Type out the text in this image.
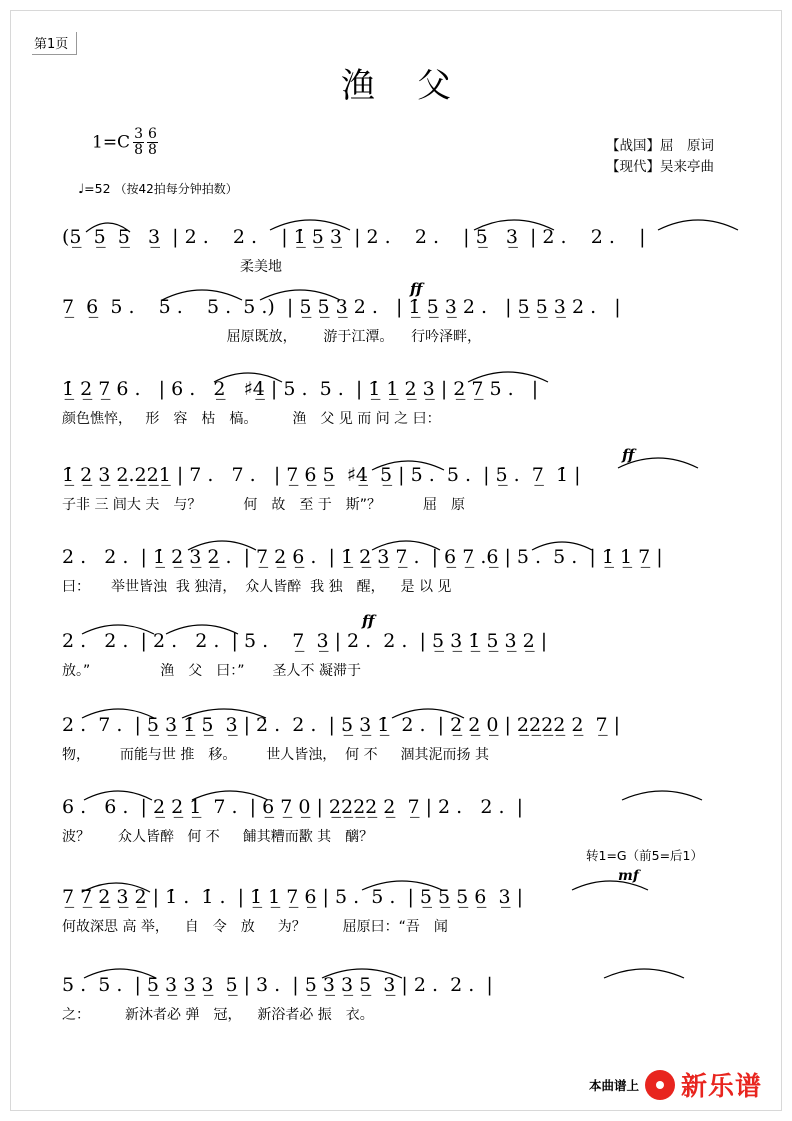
第1页
渔父
$1=C \frac{3}{8} \frac{6}{8}$	【战国】屈　原词
【现代】吴来亭曲
♩=52 （按42拍每分钟拍数）
(5̲  5̲  5̲   3̲  | 2 .    2 .    | 1̲̇ 5̲ 3̲  | 2 .    2 .    | 5̲   3̲  | 2 .    2 .    |
柔美地
ff
7̲  6̲  5 .    5 .    5 .  5 .)  | 5̲ 5̲ 3̲ 2 .   | 1̲̇ 5̲ 3̲ 2 .   | 5̲ 5̲ 3̲ 2 .   |
屈原既放，      游于江潭。    行吟泽畔，
1̲̇ 2̲ 7̲ 6 .   | 6 .   2̲   ♯4̲ | 5 .  5 .  | 1̲̇ 1̲ 2̲ 3̲ | 2̲ 7̲ 5 .   |
颜色憔悴，   形　容　枯　槁。　　　渔　父 见 而 问 之 曰：
ff
1̲̇ 2̲ 3̲ 2̲.2̲2̲1̲ | 7 .   7 .   | 7̲ 6̲ 5̲  ♯4̲  5̲ | 5 .  5 .  | 5̲ .  7̲  1̇ |
子非 三 闾大 夫　与？　　　何　故　至 于　斯”？　　　屈　原
2 .   2 .  | 1̲̇ 2̲ 3̲ 2̲ .  | 7̲ 2̲ 6̲ .  | 1̲̇ 2̲ 3̲ 7̲ .  | 6̲ 7̲ .6̲ | 5 .  5 .  | 1̲̇ 1̲ 7̲ |
曰：　　举世皆浊  我 独清，  众人皆醉  我 独　醒，　  是 以 见
ff
2 .   2 .  | 2 .   2 .  | 5 .    7̲  3̲ | 2 .  2 .  | 5̲ 3̲ 1̲̇ 5̲ 3̲ 2̲ |
放。”　　　　　渔　父　曰：”　　圣人不 凝滞于
2 .  7 .  | 5̲ 3̲ 1̲̇ 5̲  3̲ | 2 .  2 .  | 5̲ 3̲ 1̲̇  2 .  | 2̲ 2̲ 0̲ | 2̲2̲2̲2̲ 2̲  7̲ |
物，　　  而能与世 推　移。　　  世人皆浊，  何 不　  涸其泥而扬 其
6 .   6 .  | 2̲ 2̲ 1̲  7 .  | 6̲ 7̲ 0̲ | 2̲2̲2̲2̲ 2̲  7̲ | 2 .   2 .  |
波？　　众人皆醉   何 不　  餔其糟而歠 其　醨？
转1=G（前5=后1）
mf
7̲ 7̲ 2̲ 3̲ 2̲ | 1̇ .  1̇ .  | 1̲̇ 1̲ 7̲ 6̲ | 5 .  5 .  | 5̲ 5̲ 5̲ 6̲  3̲ |
何故深思 高 举，　  自　令　放　  为？　　  屈原曰：“吾　闻
5 .  5 .  | 5̲ 3̲ 3̲ 3̲  5̲ | 3 .  | 5̲ 3̲ 3̲ 5̲  3̲ | 2 .  2 .  |
之：　　　新沐者必 弹　冠，　  新浴者必 振　衣。
本曲谱上 新乐谱
